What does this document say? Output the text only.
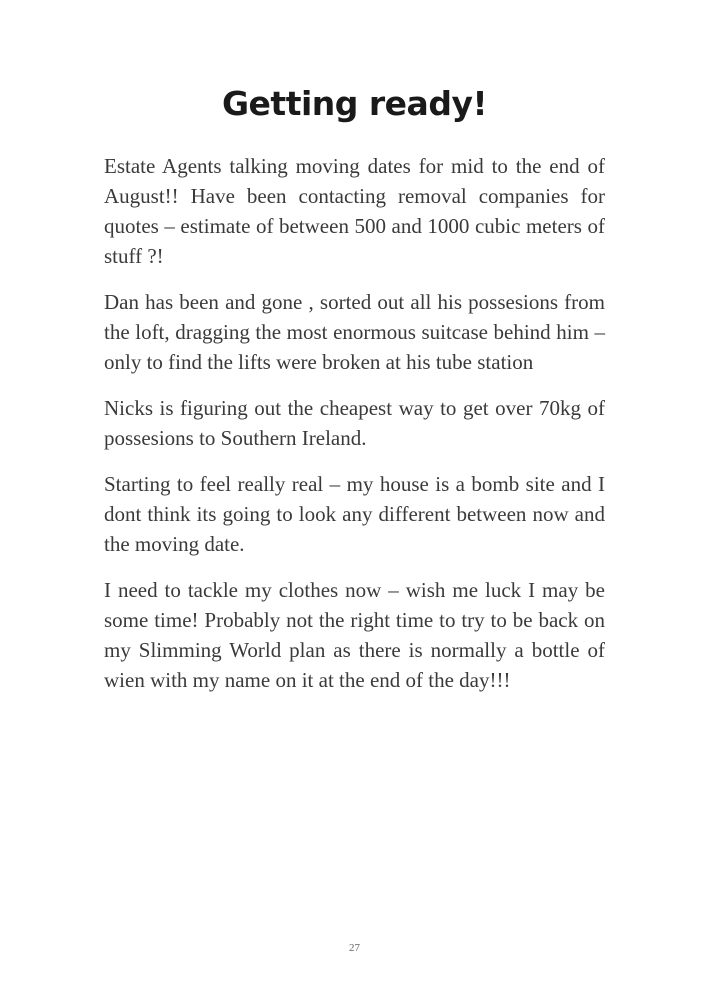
Getting ready!

Estate Agents talking moving dates for mid to the end of August!! Have been contacting removal companies for quotes – estimate of between 500 and 1000 cubic meters of stuff ?!

Dan has been and gone , sorted out all his possesions from the loft, dragging the most enormous suitcase behind him – only to find the lifts were broken at his tube station

Nicks is figuring out the cheapest way to get over 70kg of possesions to Southern Ireland.

Starting to feel really real – my house is a bomb site and I dont think its going to look any different between now and the moving date.

I need to tackle my clothes now – wish me luck I may be some time! Probably not the right time to try to be back on my Slimming World plan as there is normally a bottle of wien with my name on it at the end of the day!!!

27
